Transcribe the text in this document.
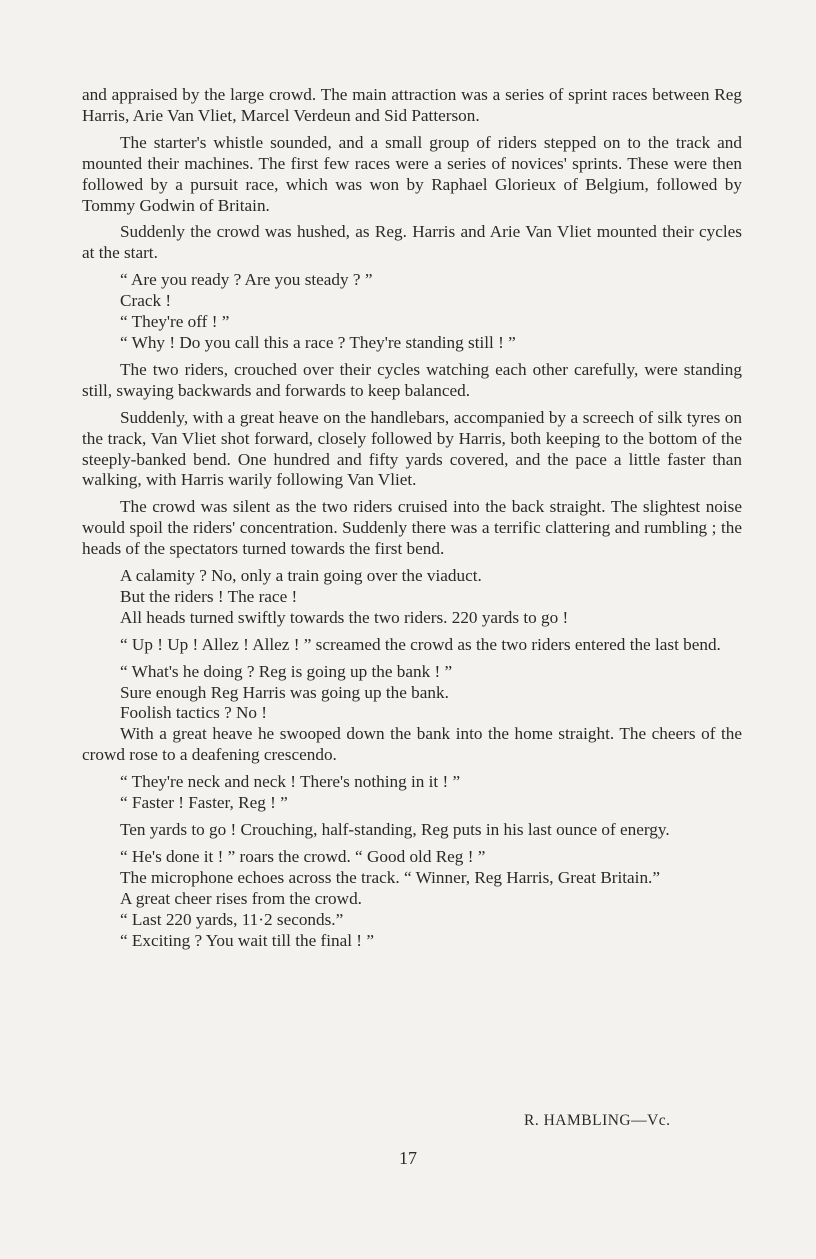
and appraised by the large crowd. The main attraction was a series of sprint races between Reg Harris, Arie Van Vliet, Marcel Verdeun and Sid Patterson.

The starter's whistle sounded, and a small group of riders stepped on to the track and mounted their machines. The first few races were a series of novices' sprints. These were then followed by a pursuit race, which was won by Raphael Glorieux of Belgium, followed by Tommy Godwin of Britain.

Suddenly the crowd was hushed, as Reg. Harris and Arie Van Vliet mounted their cycles at the start.

“ Are you ready ? Are you steady ? ”

Crack !

“ They're off ! ”

“ Why ! Do you call this a race ? They're standing still ! ”

The two riders, crouched over their cycles watching each other carefully, were standing still, swaying backwards and forwards to keep balanced.

Suddenly, with a great heave on the handlebars, accompanied by a screech of silk tyres on the track, Van Vliet shot forward, closely followed by Harris, both keeping to the bottom of the steeply-banked bend. One hundred and fifty yards covered, and the pace a little faster than walking, with Harris warily following Van Vliet.

The crowd was silent as the two riders cruised into the back straight. The slightest noise would spoil the riders' concentration. Suddenly there was a terrific clattering and rumbling ; the heads of the spectators turned towards the first bend.

A calamity ? No, only a train going over the viaduct.

But the riders ! The race !

All heads turned swiftly towards the two riders. 220 yards to go !

“ Up ! Up ! Allez ! Allez ! ” screamed the crowd as the two riders entered the last bend.

“ What's he doing ? Reg is going up the bank ! ”

Sure enough Reg Harris was going up the bank.

Foolish tactics ? No !

With a great heave he swooped down the bank into the home straight. The cheers of the crowd rose to a deafening crescendo.

“ They're neck and neck ! There's nothing in it ! ”

“ Faster ! Faster, Reg ! ”

Ten yards to go ! Crouching, half-standing, Reg puts in his last ounce of energy.

“ He's done it ! ” roars the crowd. “ Good old Reg ! ”

The microphone echoes across the track. “ Winner, Reg Harris, Great Britain.”

A great cheer rises from the crowd.

“ Last 220 yards, 11·2 seconds.”

“ Exciting ? You wait till the final ! ”

R. HAMBLING—Vc.
17
